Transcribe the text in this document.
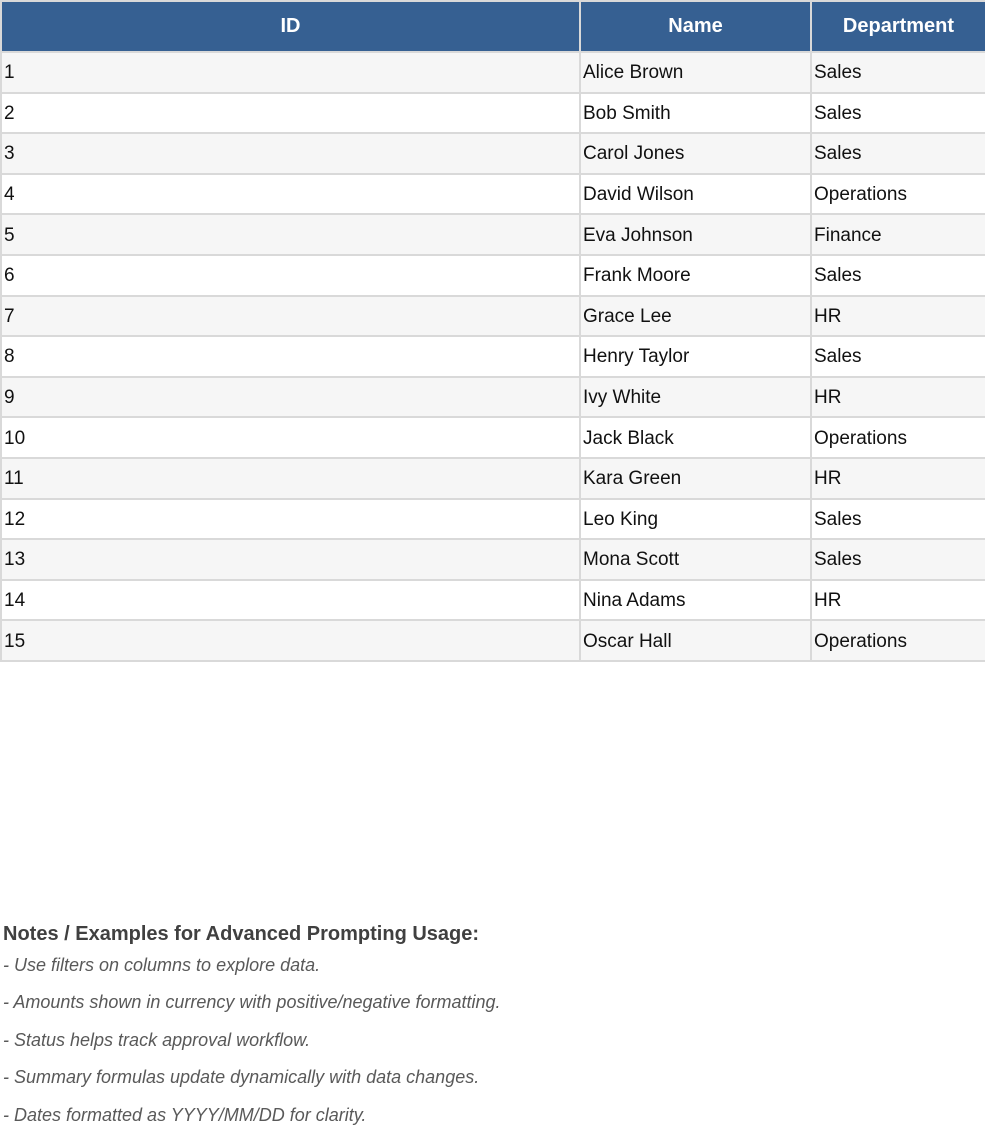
ID	Name	Department
1	Alice Brown	Sales
2	Bob Smith	Sales
3	Carol Jones	Sales
4	David Wilson	Operations
5	Eva Johnson	Finance
6	Frank Moore	Sales
7	Grace Lee	HR
8	Henry Taylor	Sales
9	Ivy White	HR
10	Jack Black	Operations
11	Kara Green	HR
12	Leo King	Sales
13	Mona Scott	Sales
14	Nina Adams	HR
15	Oscar Hall	Operations
Notes / Examples for Advanced Prompting Usage:
- Use filters on columns to explore data.
- Amounts shown in currency with positive/negative formatting.
- Status helps track approval workflow.
- Summary formulas update dynamically with data changes.
- Dates formatted as YYYY/MM/DD for clarity.
